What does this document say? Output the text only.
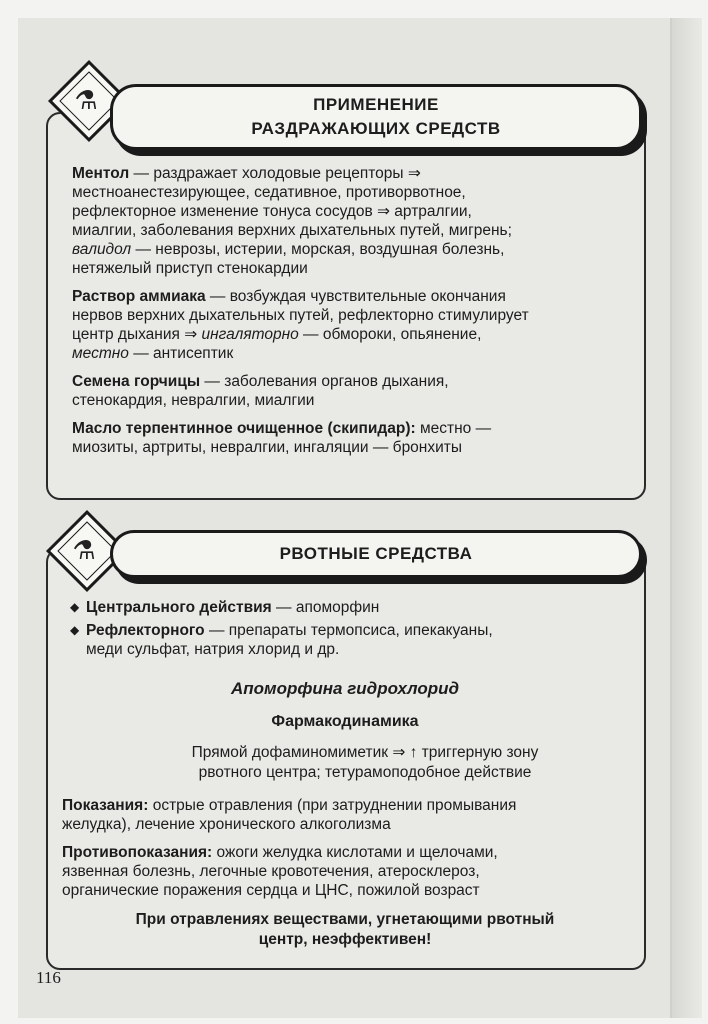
⚗	ПРИМЕНЕНИЕ
РАЗДРАЖАЮЩИХ СРЕДСТВ
Ментол — раздражает холодовые рецепторы ⇒
местноанестезирующее, седативное, противорвотное,
рефлекторное изменение тонуса сосудов ⇒ артралгии,
миалгии, заболевания верхних дыхательных путей, мигрень;
валидол — неврозы, истерии, морская, воздушная болезнь,
нетяжелый приступ стенокардии
Раствор аммиака — возбуждая чувствительные окончания
нервов верхних дыхательных путей, рефлекторно стимулирует
центр дыхания ⇒ ингаляторно — обмороки, опьянение,
местно — антисептик
Семена горчицы — заболевания органов дыхания,
стенокардия, невралгии, миалгии
Масло терпентинное очищенное (скипидар): местно —
миозиты, артриты, невралгии, ингаляции — бронхиты
⚗	РВОТНЫЕ СРЕДСТВА
◆ Центрального действия — апоморфин
◆ Рефлекторного — препараты термопсиса, ипекакуаны,
меди сульфат, натрия хлорид и др.
Апоморфина гидрохлорид
Фармакодинамика
Прямой дофаминомиметик ⇒ ↑ триггерную зону
рвотного центра; тетурамоподобное действие
Показания: острые отравления (при затруднении промывания
желудка), лечение хронического алкоголизма
Противопоказания: ожоги желудка кислотами и щелочами,
язвенная болезнь, легочные кровотечения, атеросклероз,
органические поражения сердца и ЦНС, пожилой возраст
При отравлениях веществами, угнетающими рвотный
центр, неэффективен!
116
